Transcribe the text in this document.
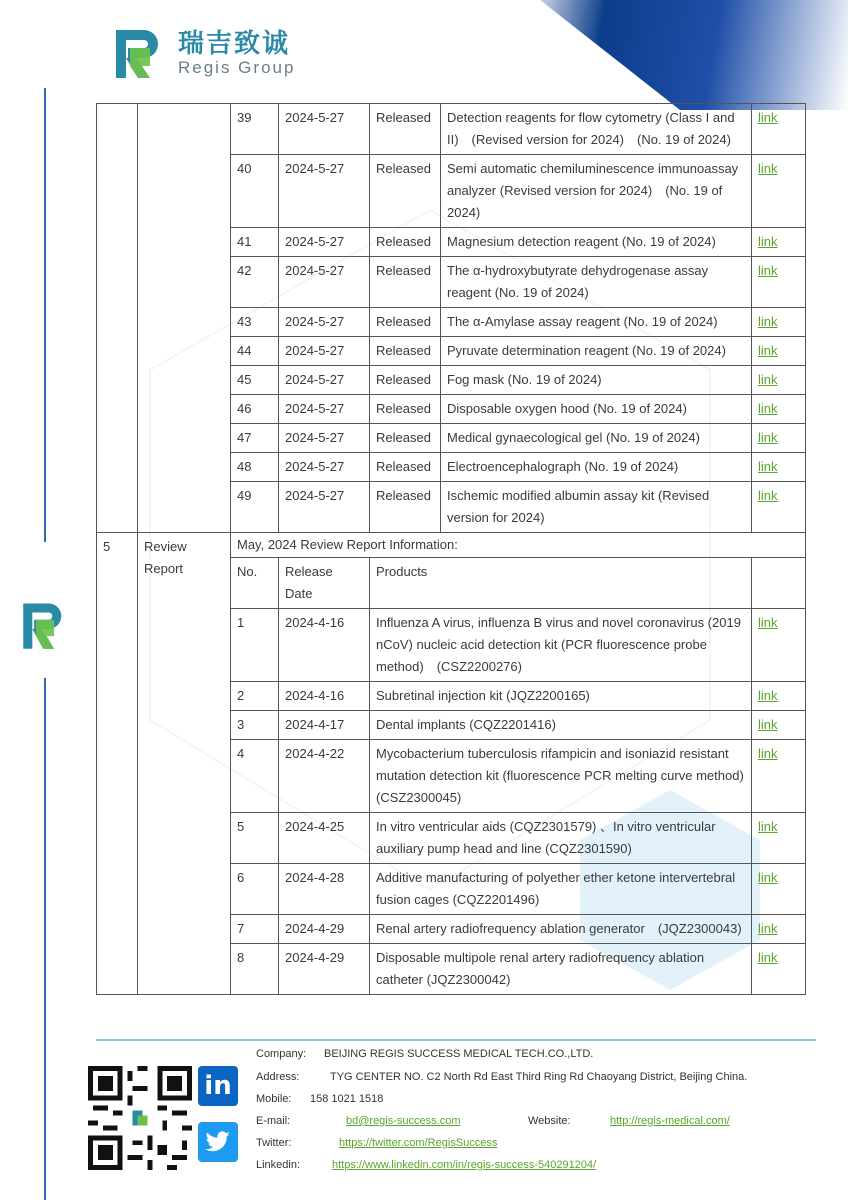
瑞吉致诚
Regis Group
		39	2024-5-27	Released	Detection reagents for flow cytometry (Class I and II)　(Revised version for 2024)　(No. 19 of 2024)	link
		40	2024-5-27	Released	Semi automatic chemiluminescence immunoassay analyzer (Revised version for 2024)　(No. 19 of 2024)	link
		41	2024-5-27	Released	Magnesium detection reagent (No. 19 of 2024)	link
		42	2024-5-27	Released	The α-hydroxybutyrate dehydrogenase assay reagent (No. 19 of 2024)	link
		43	2024-5-27	Released	The α-Amylase assay reagent (No. 19 of 2024)	link
		44	2024-5-27	Released	Pyruvate determination reagent (No. 19 of 2024)	link
		45	2024-5-27	Released	Fog mask (No. 19 of 2024)	link
		46	2024-5-27	Released	Disposable oxygen hood (No. 19 of 2024)	link
		47	2024-5-27	Released	Medical gynaecological gel (No. 19 of 2024)	link
		48	2024-5-27	Released	Electroencephalograph (No. 19 of 2024)	link
		49	2024-5-27	Released	Ischemic modified albumin assay kit (Revised version for 2024)	link
5	Review Report	May, 2024 Review Report Information:				
		No.	Release Date	Products		
		1	2024-4-16	Influenza A virus, influenza B virus and novel coronavirus (2019 nCoV) nucleic acid detection kit (PCR fluorescence probe method)　(CSZ2200276)		link
		2	2024-4-16	Subretinal injection kit (JQZ2200165)		link
		3	2024-4-17	Dental implants (CQZ2201416)		link
		4	2024-4-22	Mycobacterium tuberculosis rifampicin and isoniazid resistant mutation detection kit (fluorescence PCR melting curve method)　(CSZ2300045)		link
		5	2024-4-25	In vitro ventricular aids (CQZ2301579) 、In vitro ventricular auxiliary pump head and line (CQZ2301590)		link
		6	2024-4-28	Additive manufacturing of polyether ether ketone intervertebral fusion cages (CQZ2201496)		link
		7	2024-4-29	Renal artery radiofrequency ablation generator　(JQZ2300043)		link
		8	2024-4-29	Disposable multipole renal artery radiofrequency ablation catheter (JQZ2300042)		link
in
Company: BEIJING REGIS SUCCESS MEDICAL TECH.CO.,LTD.
Address:	TYG CENTER NO. C2 North Rd East Third Ring Rd Chaoyang District, Beijing China.
Mobile: 158 1021 1518
E-mail:	bd@regis-success.com	Website:	http://regis-medical.com/
Twitter:	https://twitter.com/RegisSuccess
Linkedin:	https://www.linkedin.com/in/regis-success-540291204/
